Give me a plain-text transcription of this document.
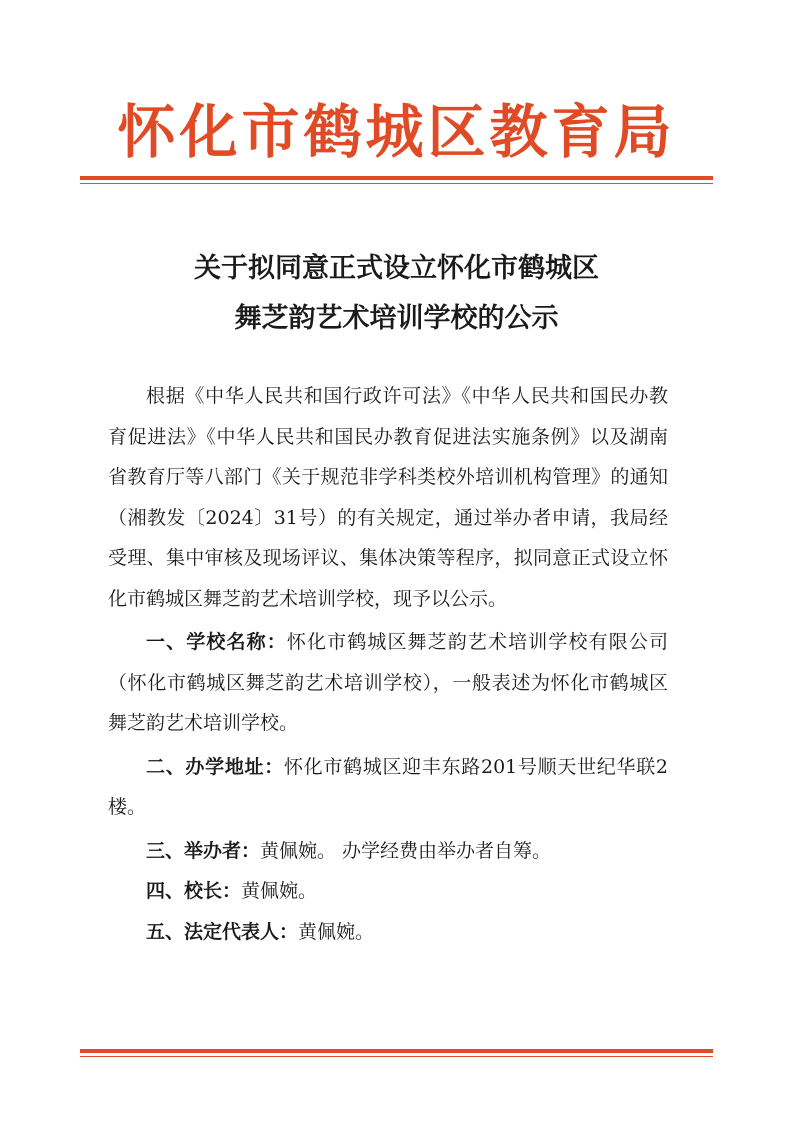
怀化市鹤城区教育局
关于拟同意正式设立怀化市鹤城区
舞芝韵艺术培训学校的公示

根据《中华人民共和国行政许可法》《中华人民共和国民办教育促进法》《中华人民共和国民办教育促进法实施条例》以及湖南省教育厅等八部门《关于规范非学科类校外培训机构管理》的通知（湘教发〔2024〕31号）的有关规定，通过举办者申请，我局经受理、集中审核及现场评议、集体决策等程序，拟同意正式设立怀化市鹤城区舞芝韵艺术培训学校，现予以公示。

一、学校名称：怀化市鹤城区舞芝韵艺术培训学校有限公司（怀化市鹤城区舞芝韵艺术培训学校），一般表述为怀化市鹤城区舞芝韵艺术培训学校。

二、办学地址：怀化市鹤城区迎丰东路201号顺天世纪华联2楼。

三、举办者：黄佩婉。 办学经费由举办者自筹。

四、校长：黄佩婉。

五、法定代表人：黄佩婉。
